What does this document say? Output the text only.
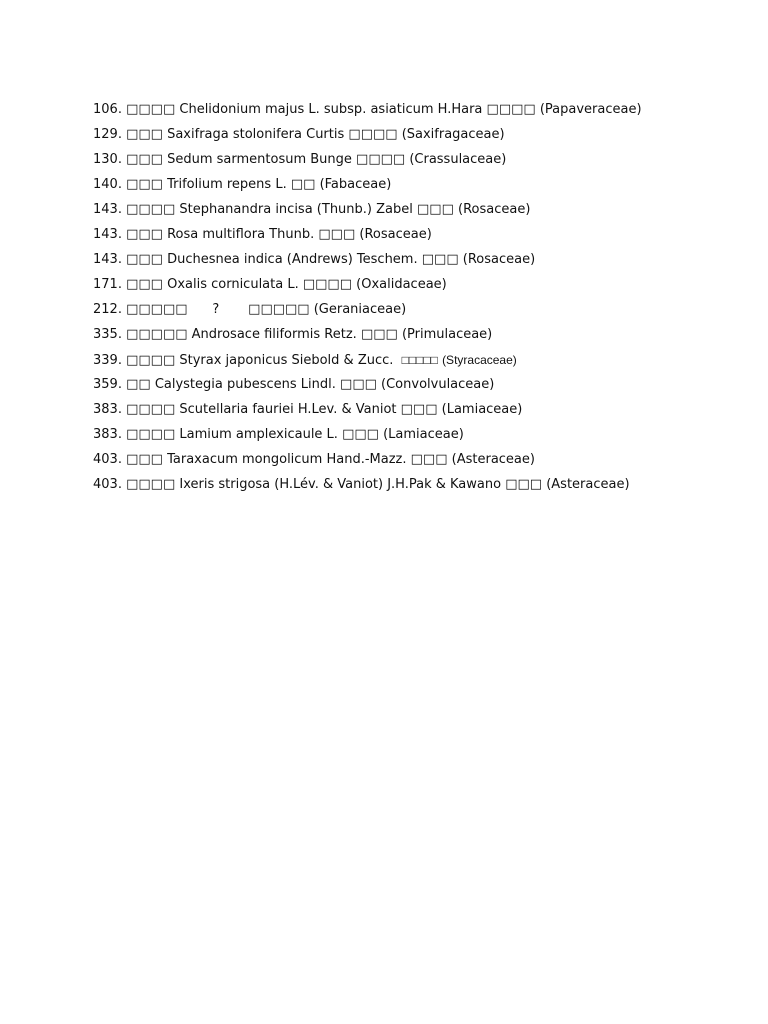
106. □□□□ Chelidonium majus L. subsp. asiaticum H.Hara □□□□ (Papaveraceae)
129. □□□ Saxifraga stolonifera Curtis □□□□ (Saxifragaceae)
130. □□□ Sedum sarmentosum Bunge □□□□ (Crassulaceae)
140. □□□ Trifolium repens L. □□ (Fabaceae)
143. □□□□ Stephanandra incisa (Thunb.) Zabel □□□ (Rosaceae)
143. □□□ Rosa multiflora Thunb. □□□ (Rosaceae)
143. □□□ Duchesnea indica (Andrews) Teschem. □□□ (Rosaceae)
171. □□□ Oxalis corniculata L. □□□□ (Oxalidaceae)
212. □□□□□      ?       □□□□□ (Geraniaceae)
335. □□□□□ Androsace filiformis Retz. □□□ (Primulaceae)
339. □□□□ Styrax japonicus Siebold & Zucc.  □□□□□ (Styracaceae)
359. □□ Calystegia pubescens Lindl. □□□ (Convolvulaceae)
383. □□□□ Scutellaria fauriei H.Lev. & Vaniot □□□ (Lamiaceae)
383. □□□□ Lamium amplexicaule L. □□□ (Lamiaceae)
403. □□□ Taraxacum mongolicum Hand.-Mazz. □□□ (Asteraceae)
403. □□□□ Ixeris strigosa (H.Lév. & Vaniot) J.H.Pak & Kawano □□□ (Asteraceae)
